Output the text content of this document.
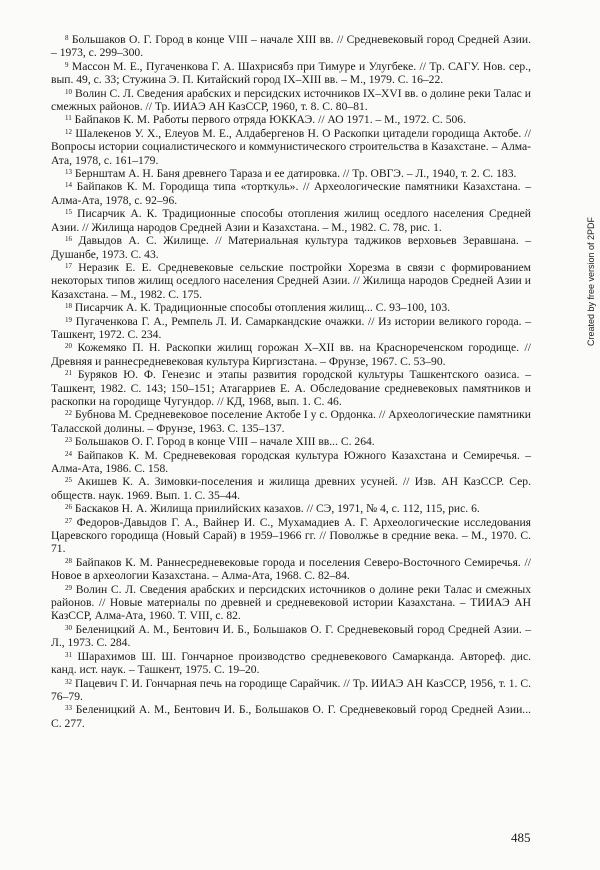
$^8$ Большаков О. Г. Город в конце VIII – начале XIII вв. // Средневековый город Средней Азии. – 1973, с. 299–300.

$^9$ Массон М. Е., Пугаченкова Г. А. Шахрисябз при Тимуре и Улугбеке. // Тр. САГУ. Нов. сер., вып. 49, с. 33; Стужина Э. П. Китайский город IX–XIII вв. – М., 1979. С. 16–22.

$^{10}$ Волин С. Л. Сведения арабских и персидских источников IX–XVI вв. о долине реки Талас и смежных районов. // Тр. ИИАЭ АН КазССР, 1960, т. 8. С. 80–81.

$^{11}$ Байпаков К. М. Работы первого отряда ЮККАЭ. // АО 1971. – М., 1972. С. 506.

$^{12}$ Шалекенов У. Х., Елеуов М. Е., Алдабергенов Н. О Раскопки цитадели городища Актобе. // Вопросы истории социалистического и коммунистического строительства в Казахстане. – Алма-Ата, 1978, с. 161–179.

$^{13}$ Бернштам А. Н. Баня древнего Тараза и ее датировка. // Тр. ОВГЭ. – Л., 1940, т. 2. С. 183.

$^{14}$ Байпаков К. М. Городища типа «торткуль». // Археологические памятники Казахстана. – Алма-Ата, 1978, с. 92–96.

$^{15}$ Писарчик А. К. Традиционные способы отопления жилищ оседлого населения Средней Азии. // Жилища народов Средней Азии и Казахстана. – М., 1982. С. 78, рис. 1.

$^{16}$ Давыдов А. С. Жилище. // Материальная культура таджиков верховьев Зеравшана. – Душанбе, 1973. С. 43.

$^{17}$ Неразик Е. Е. Средневековые сельские постройки Хорезма в связи с формированием некоторых типов жилищ оседлого населения Средней Азии. // Жилища народов Средней Азии и Казахстана. – М., 1982. С. 175.

$^{18}$ Писарчик А. К. Традиционные способы отопления жилищ... С. 93–100, 103.

$^{19}$ Пугаченкова Г. А., Ремпель Л. И. Самаркандские очажки. // Из истории великого города. – Ташкент, 1972. С. 234.

$^{20}$ Кожемяко П. Н. Раскопки жилищ горожан X–XII вв. на Краснореченском городище. // Древняя и раннесредневековая культура Киргизстана. – Фрунзе, 1967. С. 53–90.

$^{21}$ Буряков Ю. Ф. Генезис и этапы развития городской культуры Ташкентского оазиса. – Ташкент, 1982. С. 143; 150–151; Атагарриев Е. А. Обследование средневековых памятников и раскопки на городище Чугундор. // КД, 1968, вып. 1. С. 46.

$^{22}$ Бубнова М. Средневековое поселение Актобе I у с. Ордонка. // Археологические памятники Таласской долины. – Фрунзе, 1963. С. 135–137.

$^{23}$ Большаков О. Г. Город в конце VIII – начале XIII вв... С. 264.

$^{24}$ Байпаков К. М. Средневековая городская культура Южного Казахстана и Семиречья. – Алма-Ата, 1986. С. 158.

$^{25}$ Акишев К. А. Зимовки-поселения и жилища древних усуней. // Изв. АН КазССР. Сер. обществ. наук. 1969. Вып. 1. С. 35–44.

$^{26}$ Баскаков Н. А. Жилища приилийских казахов. // СЭ, 1971, № 4, с. 112, 115, рис. 6.

$^{27}$ Федоров-Давыдов Г. А., Вайнер И. С., Мухамадиев А. Г. Археологические исследования Царевского городища (Новый Сарай) в 1959–1966 гг. // Поволжье в средние века. – М., 1970. С. 71.

$^{28}$ Байпаков К. М. Раннесредневековые города и поселения Северо-Восточного Семиречья. // Новое в археологии Казахстана. – Алма-Ата, 1968. С. 82–84.

$^{29}$ Волин С. Л. Сведения арабских и персидских источников о долине реки Талас и смежных районов. // Новые материалы по древней и средневековой истории Казахстана. – ТИИАЭ АН КазССР, Алма-Ата, 1960. Т. VIII, с. 82.

$^{30}$ Беленицкий А. М., Бентович И. Б., Большаков О. Г. Средневековый город Средней Азии. – Л., 1973. С. 284.

$^{31}$ Шарахимов Ш. Ш. Гончарное производство средневекового Самарканда. Автореф. дис. канд. ист. наук. – Ташкент, 1975. С. 19–20.

$^{32}$ Пацевич Г. И. Гончарная печь на городище Сарайчик. // Тр. ИИАЭ АН КазССР, 1956, т. 1. С. 76–79.

$^{33}$ Беленицкий А. М., Бентович И. Б., Большаков О. Г. Средневековый город Средней Азии... С. 277.

485
Created by free version of 2PDF
